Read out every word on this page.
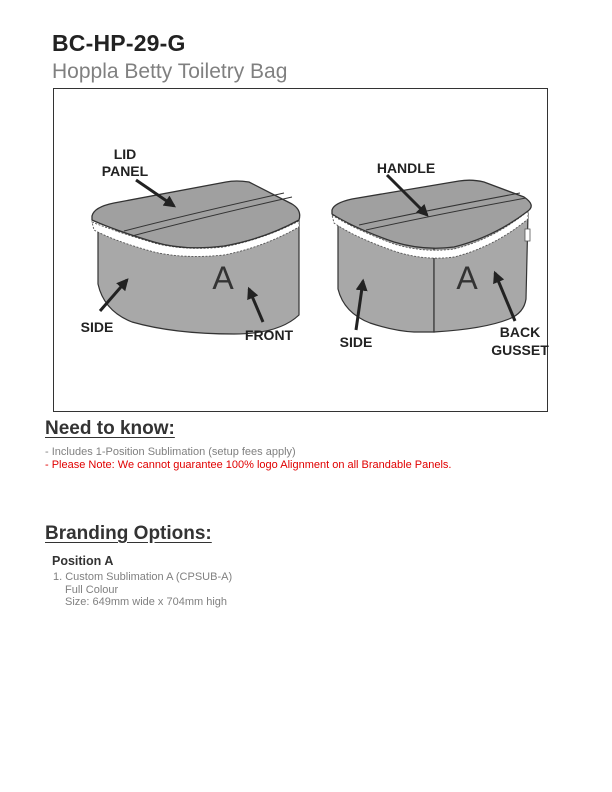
BC-HP-29-G
Hoppla Betty Toiletry Bag
LID
PANEL
SIDE	FRONT
A
HANDLE
SIDE
BACK
GUSSET
A
Need to know:
- Includes 1-Position Sublimation (setup fees apply)
- Please Note: We cannot guarantee 100% logo Alignment on all Brandable Panels.
Branding Options:
Position A
1. Custom Sublimation A (CPSUB-A)
Full Colour
Size: 649mm wide x 704mm high
